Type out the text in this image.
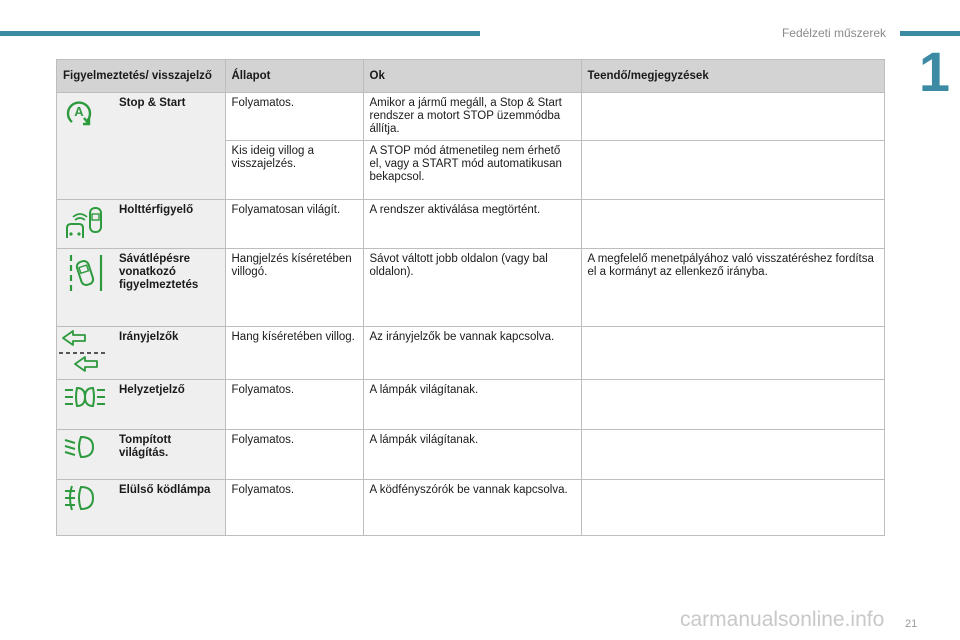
Fedélzeti műszerek
1
Figyelmeztetés/ visszajelző		Állapot	Ok	Teendő/megjegyzések

A	Stop & Start	Folyamatos.	Amikor a jármű megáll, a Stop & Start rendszer a motort STOP üzemmódba állítja.	
		Kis ideig villog a visszajelzés.	A STOP mód átmenetileg nem érhető el, vagy a START mód automatikusan bekapcsol.	
	Holttérfigyelő	Folyamatosan világít.	A rendszer aktiválása megtörtént.	
	Sávátlépésre vonatkozó figyelmeztetés	Hangjelzés kíséretében villogó.	Sávot váltott jobb oldalon (vagy bal oldalon).	A megfelelő menetpályához való visszatéréshez fordítsa el a kormányt az ellenkező irányba.
	Irányjelzők	Hang kíséretében villog.	Az irányjelzők be vannak kapcsolva.	
	Helyzetjelző	Folyamatos.	A lámpák világítanak.	
	Tompított világítás.	Folyamatos.	A lámpák világítanak.	
	Elülső ködlámpa	Folyamatos.	A ködfényszórók be vannak kapcsolva.	
carmanualsonline.info 21
